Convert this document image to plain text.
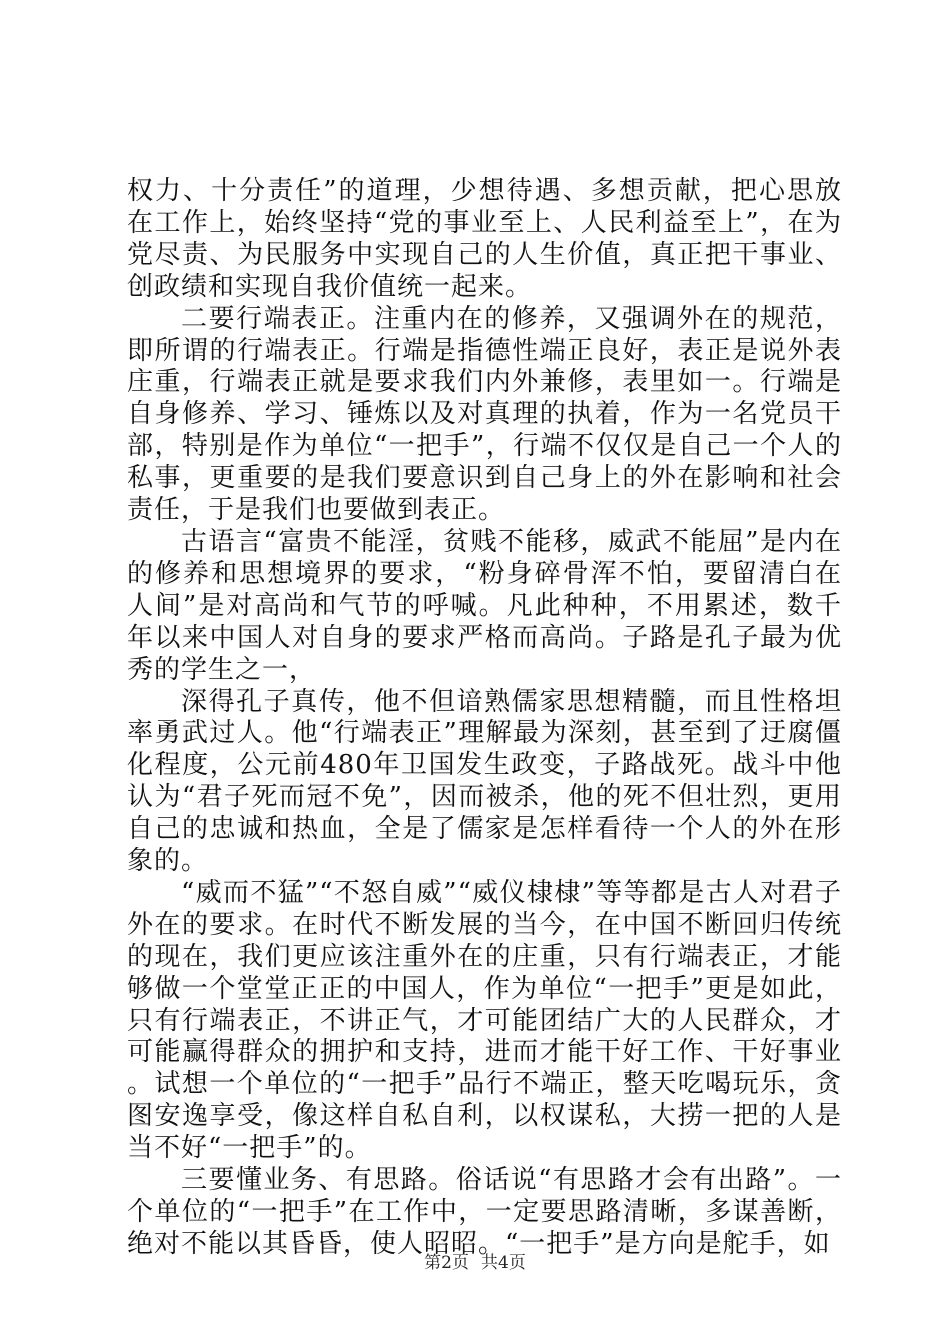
权力、十分责任”的道理，少想待遇、多想贡献，把心思放在工作上，始终坚持“党的事业至上、人民利益至上”，在为党尽责、为民服务中实现自己的人生价值，真正把干事业、创政绩和实现自我价值统一起来。

二要行端表正。注重内在的修养，又强调外在的规范，即所谓的行端表正。行端是指德性端正良好，表正是说外表庄重，行端表正就是要求我们内外兼修，表里如一。行端是自身修养、学习、锤炼以及对真理的执着，作为一名党员干部，特别是作为单位“一把手”，行端不仅仅是自己一个人的私事，更重要的是我们要意识到自己身上的外在影响和社会责任，于是我们也要做到表正。

古语言“富贵不能淫，贫贱不能移，威武不能屈”是内在的修养和思想境界的要求，“粉身碎骨浑不怕，要留清白在人间”是对高尚和气节的呼喊。凡此种种，不用累述，数千年以来中国人对自身的要求严格而高尚。子路是孔子最为优秀的学生之一，

深得孔子真传，他不但谙熟儒家思想精髓，而且性格坦率勇武过人。他“行端表正”理解最为深刻，甚至到了迂腐僵化程度，公元前480年卫国发生政变，子路战死。战斗中他认为“君子死而冠不免”，因而被杀，他的死不但壮烈，更用自己的忠诚和热血，全是了儒家是怎样看待一个人的外在形象的。

“威而不猛”“不怒自威”“威仪棣棣”等等都是古人对君子外在的要求。在时代不断发展的当今，在中国不断回归传统的现在，我们更应该注重外在的庄重，只有行端表正，才能够做一个堂堂正正的中国人，作为单位“一把手”更是如此，只有行端表正，不讲正气，才可能团结广大的人民群众，才可能赢得群众的拥护和支持，进而才能干好工作、干好事业。试想一个单位的“一把手”品行不端正，整天吃喝玩乐，贪图安逸享受，像这样自私自利，以权谋私，大捞一把的人是当不好“一把手”的。

三要懂业务、有思路。俗话说“有思路才会有出路”。一个单位的“一把手”在工作中，一定要思路清晰，多谋善断，绝对不能以其昏昏，使人昭昭。“一把手”是方向是舵手，如

第2页 共4页
